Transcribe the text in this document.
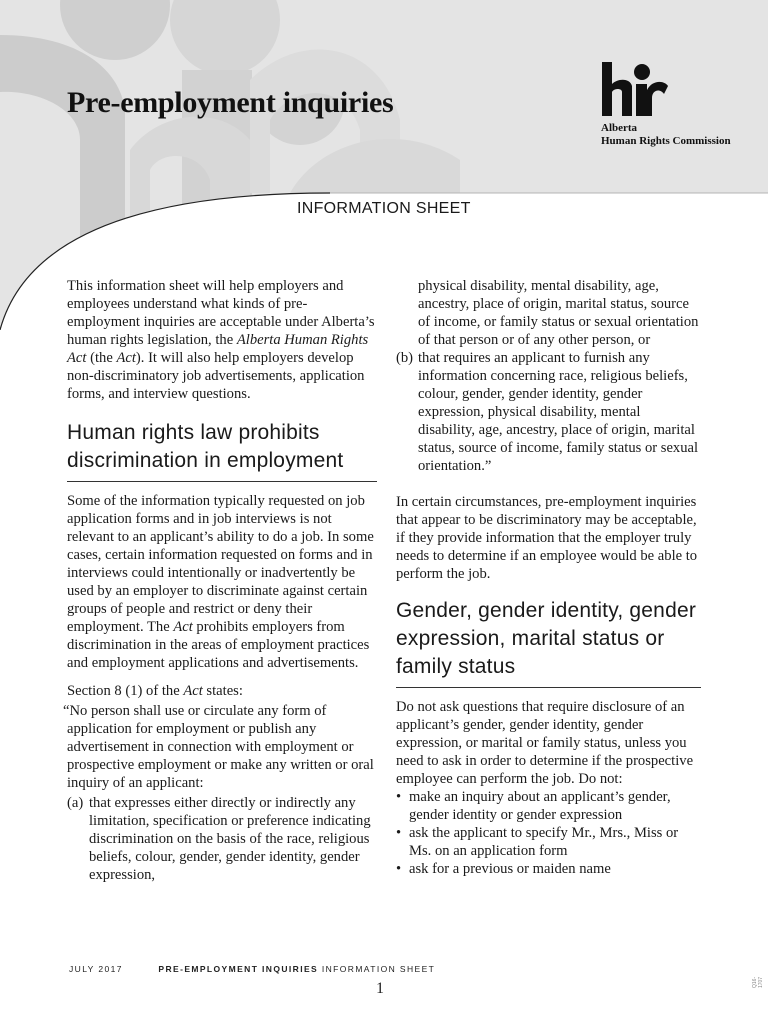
Pre-employment inquiries
Alberta
Human Rights Commission
INFORMATION SHEET

This information sheet will help employers and employees understand what kinds of pre-employment inquiries are acceptable under Alberta’s human rights legislation, the Alberta Human Rights Act (the Act). It will also help employers develop non-discriminatory job advertisements, application forms, and interview questions.

Human rights law prohibits discrimination in employment

Some of the information typically requested on job application forms and in job interviews is not relevant to an applicant’s ability to do a job. In some cases, certain information requested on forms and in interviews could intentionally or inadvertently be used by an employer to discriminate against certain groups of people and restrict or deny their employment. The Act prohibits employers from discrimination in the areas of employment practices and employment applications and advertisements.

Section 8 (1) of the Act states:

“No person shall use or circulate any form of application for employment or publish any advertisement in connection with employment or prospective employment or make any written or oral inquiry of an applicant:

(a) that expresses either directly or indirectly any limitation, specification or preference indicating discrimination on the basis of the race, religious beliefs, colour, gender, gender identity, gender expression,
physical disability, mental disability, age, ancestry, place of origin, marital status, source of income, or family status or sexual orientation of that person or of any other person, or
(b) that requires an applicant to furnish any information concerning race, religious beliefs, colour, gender, gender identity, gender expression, physical disability, mental disability, age, ancestry, place of origin, marital status, source of income, family status or sexual orientation.”

In certain circumstances, pre-employment inquiries that appear to be discriminatory may be acceptable, if they provide information that the employer truly needs to determine if an employee would be able to perform the job.

Gender, gender identity, gender expression, marital status or family status

Do not ask questions that require disclosure of an applicant’s gender, gender identity, gender expression, or marital or family status, unless you need to ask in order to determine if the prospective employee can perform the job. Do not:

• make an inquiry about an applicant’s gender, gender identity or gender expression
• ask the applicant to specify Mr., Mrs., Miss or Ms. on an application form
• ask for a previous or maiden name
JULY 2017	PRE-EMPLOYMENT INQUIRIES INFORMATION SHEET
1	Q16-1707
